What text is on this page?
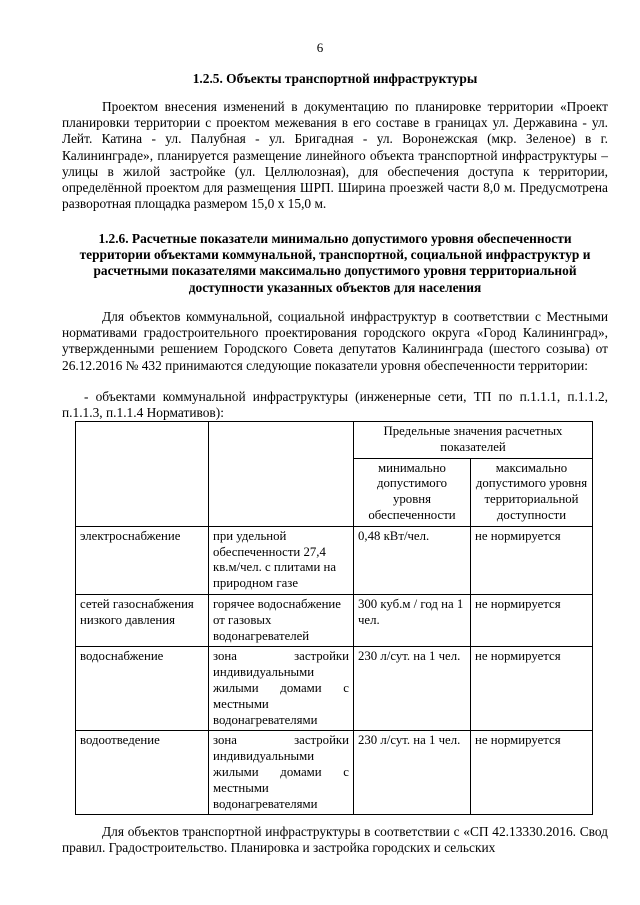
6
1.2.5. Объекты транспортной инфраструктуры
Проектом внесения изменений в документацию по планировке территории «Проект планировки территории с проектом межевания в его составе в границах ул. Державина - ул. Лейт. Катина - ул. Палубная - ул. Бригадная - ул. Воронежская (мкр. Зеленое) в г. Калининграде», планируется размещение линейного объекта транспортной инфраструктуры – улицы в жилой застройке (ул. Целлюлозная), для обеспечения доступа к территории, определённой проектом для размещения ШРП. Ширина проезжей части 8,0 м. Предусмотрена разворотная площадка размером 15,0 х 15,0 м.
1.2.6. Расчетные показатели минимально допустимого уровня обеспеченности территории объектами коммунальной, транспортной, социальной инфраструктур и расчетными показателями максимально допустимого уровня территориальной доступности указанных объектов для населения
Для объектов коммунальной, социальной инфраструктур в соответствии с Местными нормативами градостроительного проектирования городского округа «Город Калининград», утвержденными решением Городского Совета депутатов Калининграда (шестого созыва) от 26.12.2016 № 432 принимаются следующие показатели уровня обеспеченности территории:
- объектами коммунальной инфраструктуры (инженерные сети, ТП по п.1.1.1, п.1.1.2, п.1.1.3, п.1.1.4 Нормативов):
		Предельные значения расчетных показателей	
		минимально допустимого уровня обеспеченности	максимально допустимого уровня территориальной доступности
электроснабжение	при удельной обеспеченности 27,4 кв.м/чел. с плитами на природном газе	0,48 кВт/чел.	не нормируется
сетей газоснабжения низкого давления	горячее водоснабжение от газовых водонагревателей	300 куб.м / год на 1 чел.	не нормируется
водоснабжение	зона застройки индивидуальными жилыми домами с местными водонагревателями	230 л/сут. на 1 чел.	не нормируется
водоотведение	зона застройки индивидуальными жилыми домами с местными водонагревателями	230 л/сут. на 1 чел.	не нормируется
Для объектов транспортной инфраструктуры в соответствии с «СП 42.13330.2016. Свод правил. Градостроительство. Планировка и застройка городских и сельских
